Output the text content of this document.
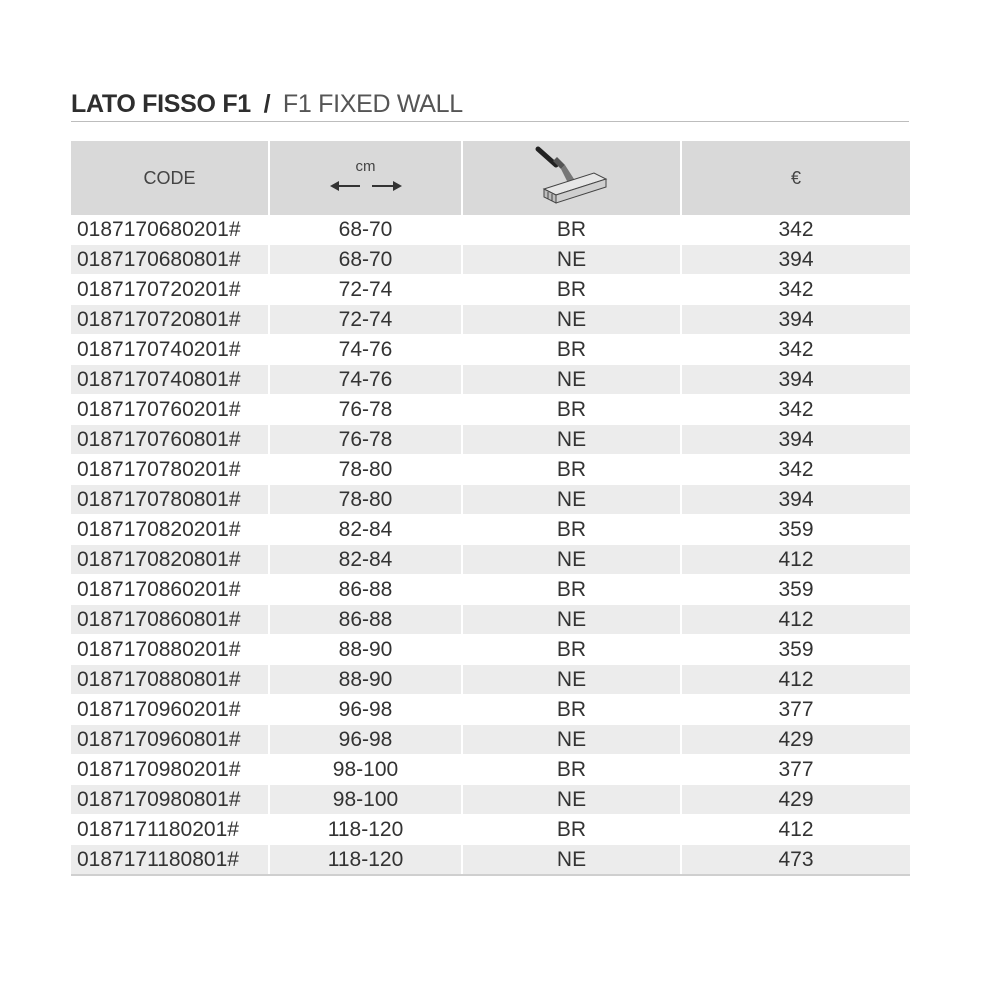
LATO FISSO F1 / F1 FIXED WALL
CODE	cm		€
0187170680201#	68-70	BR	342
0187170680801#	68-70	NE	394
0187170720201#	72-74	BR	342
0187170720801#	72-74	NE	394
0187170740201#	74-76	BR	342
0187170740801#	74-76	NE	394
0187170760201#	76-78	BR	342
0187170760801#	76-78	NE	394
0187170780201#	78-80	BR	342
0187170780801#	78-80	NE	394
0187170820201#	82-84	BR	359
0187170820801#	82-84	NE	412
0187170860201#	86-88	BR	359
0187170860801#	86-88	NE	412
0187170880201#	88-90	BR	359
0187170880801#	88-90	NE	412
0187170960201#	96-98	BR	377
0187170960801#	96-98	NE	429
0187170980201#	98-100	BR	377
0187170980801#	98-100	NE	429
0187171180201#	118-120	BR	412
0187171180801#	118-120	NE	473
